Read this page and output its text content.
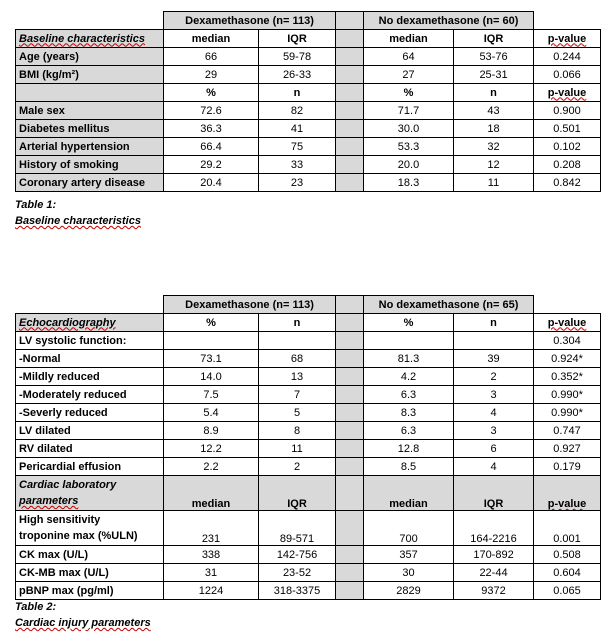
	Dexamethasone (n= 113)			No dexamethasone (n= 60)		
Baseline characteristics	median	IQR		median	IQR	p-value
Age (years)	66	59-78		64	53-76	0.244
BMI (kg/m²)	29	26-33		27	25-31	0.066
	%	n		%	n	p-value
Male sex	72.6	82		71.7	43	0.900
Diabetes mellitus	36.3	41		30.0	18	0.501
Arterial hypertension	66.4	75		53.3	32	0.102
History of smoking	29.2	33		20.0	12	0.208
Coronary artery disease	20.4	23		18.3	11	0.842
Table 1:
Baseline characteristics
	Dexamethasone (n= 113)			No dexamethasone (n= 65)		
Echocardiography	%	n		%	n	p-value
LV systolic function:						0.304
-Normal	73.1	68		81.3	39	0.924*
-Mildly reduced	14.0	13		4.2	2	0.352*
-Moderately reduced	7.5	7		6.3	3	0.990*
-Severly reduced	5.4	5		8.3	4	0.990*
LV dilated	8.9	8		6.3	3	0.747
RV dilated	12.2	11		12.8	6	0.927
Pericardial effusion	2.2	2		8.5	4	0.179

Cardiac laboratory
parameters	median	IQR		median	IQR	p-value

High sensitivity
troponine max (%ULN)	231	89-571		700	164-2216	0.001
CK max (U/L)	338	142-756		357	170-892	0.508
CK-MB max (U/L)	31	23-52		30	22-44	0.604
pBNP max (pg/ml)	1224	318-3375		2829	9372	0.065
Table 2:
Cardiac injury parameters
